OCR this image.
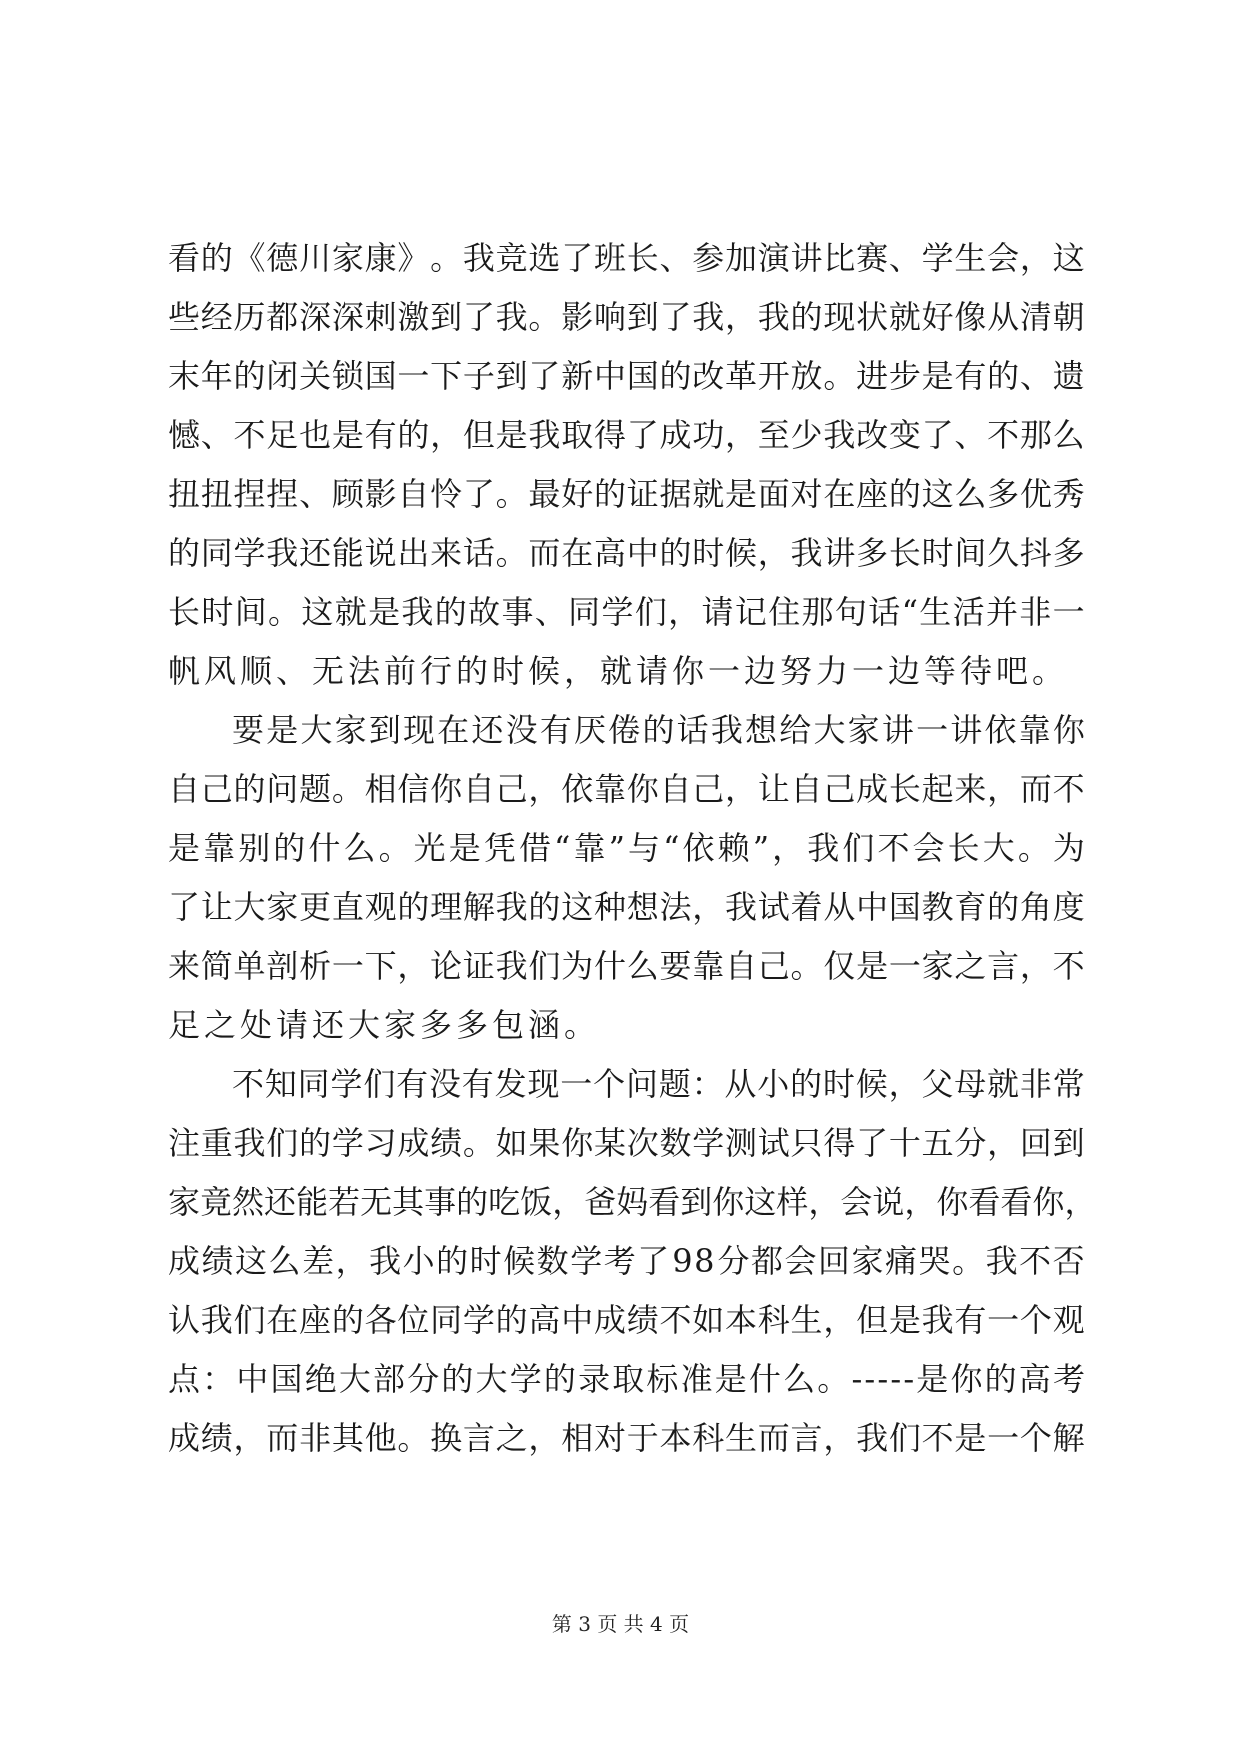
看 的 《 德 川 家 康 》 。 我 竞 选 了 班 长 、 参 加 演 讲 比 赛 、 学 生 会 ， 这
些 经 历 都 深 深 刺 激 到 了 我 。 影 响 到 了 我 ， 我 的 现 状 就 好 像 从 清 朝
末 年 的 闭 关 锁 国 一 下 子 到 了 新 中 国 的 改 革 开 放 。 进 步 是 有 的 、 遗
憾 、 不 足 也 是 有 的 ， 但 是 我 取 得 了 成 功 ， 至 少 我 改 变 了 、 不 那 么
扭 扭 捏 捏 、 顾 影 自 怜 了 。 最 好 的 证 据 就 是 面 对 在 座 的 这 么 多 优 秀
的 同 学 我 还 能 说 出 来 话 。 而 在 高 中 的 时 候 ， 我 讲 多 长 时 间 久 抖 多
长 时 间 。 这 就 是 我 的 故 事 、 同 学 们 ， 请 记 住 那 句 话 “ 生 活 并 非 一
帆风顺、无法前行的时候，就请你一边努力一边等待吧。
要 是 大 家 到 现 在 还 没 有 厌 倦 的 话 我 想 给 大 家 讲 一 讲 依 靠 你
自 己 的 问 题 。 相 信 你 自 己 ， 依 靠 你 自 己 ， 让 自 己 成 长 起 来 ， 而 不
是 靠 别 的 什 么 。 光 是 凭 借 “ 靠 ” 与 “ 依 赖 ” ， 我 们 不 会 长 大 。 为
了 让 大 家 更 直 观 的 理 解 我 的 这 种 想 法 ， 我 试 着 从 中 国 教 育 的 角 度
来 简 单 剖 析 一 下 ， 论 证 我 们 为 什 么 要 靠 自 己 。 仅 是 一 家 之 言 ， 不
足之处请还大家多多包涵。
不 知 同 学 们 有 没 有 发 现 一 个 问 题 ： 从 小 的 时 候 ， 父 母 就 非 常
注 重 我 们 的 学 习 成 绩 。 如 果 你 某 次 数 学 测 试 只 得 了 十 五 分 ， 回 到
家 竟 然 还 能 若 无 其 事 的 吃 饭 ， 爸 妈 看 到 你 这 样 ， 会 说 ， 你 看 看 你 ，
成 绩 这 么 差 ， 我 小 的 时 候 数 学 考 了 9 8 分 都 会 回 家 痛 哭 。 我 不 否
认 我 们 在 座 的 各 位 同 学 的 高 中 成 绩 不 如 本 科 生 ， 但 是 我 有 一 个 观
点 ： 中 国 绝 大 部 分 的 大 学 的 录 取 标 准 是 什 么 。 - - - - - 是 你 的 高 考
成 绩 ， 而 非 其 他 。 换 言 之 ， 相 对 于 本 科 生 而 言 ， 我 们 不 是 一 个 解
第 3 页 共 4 页
